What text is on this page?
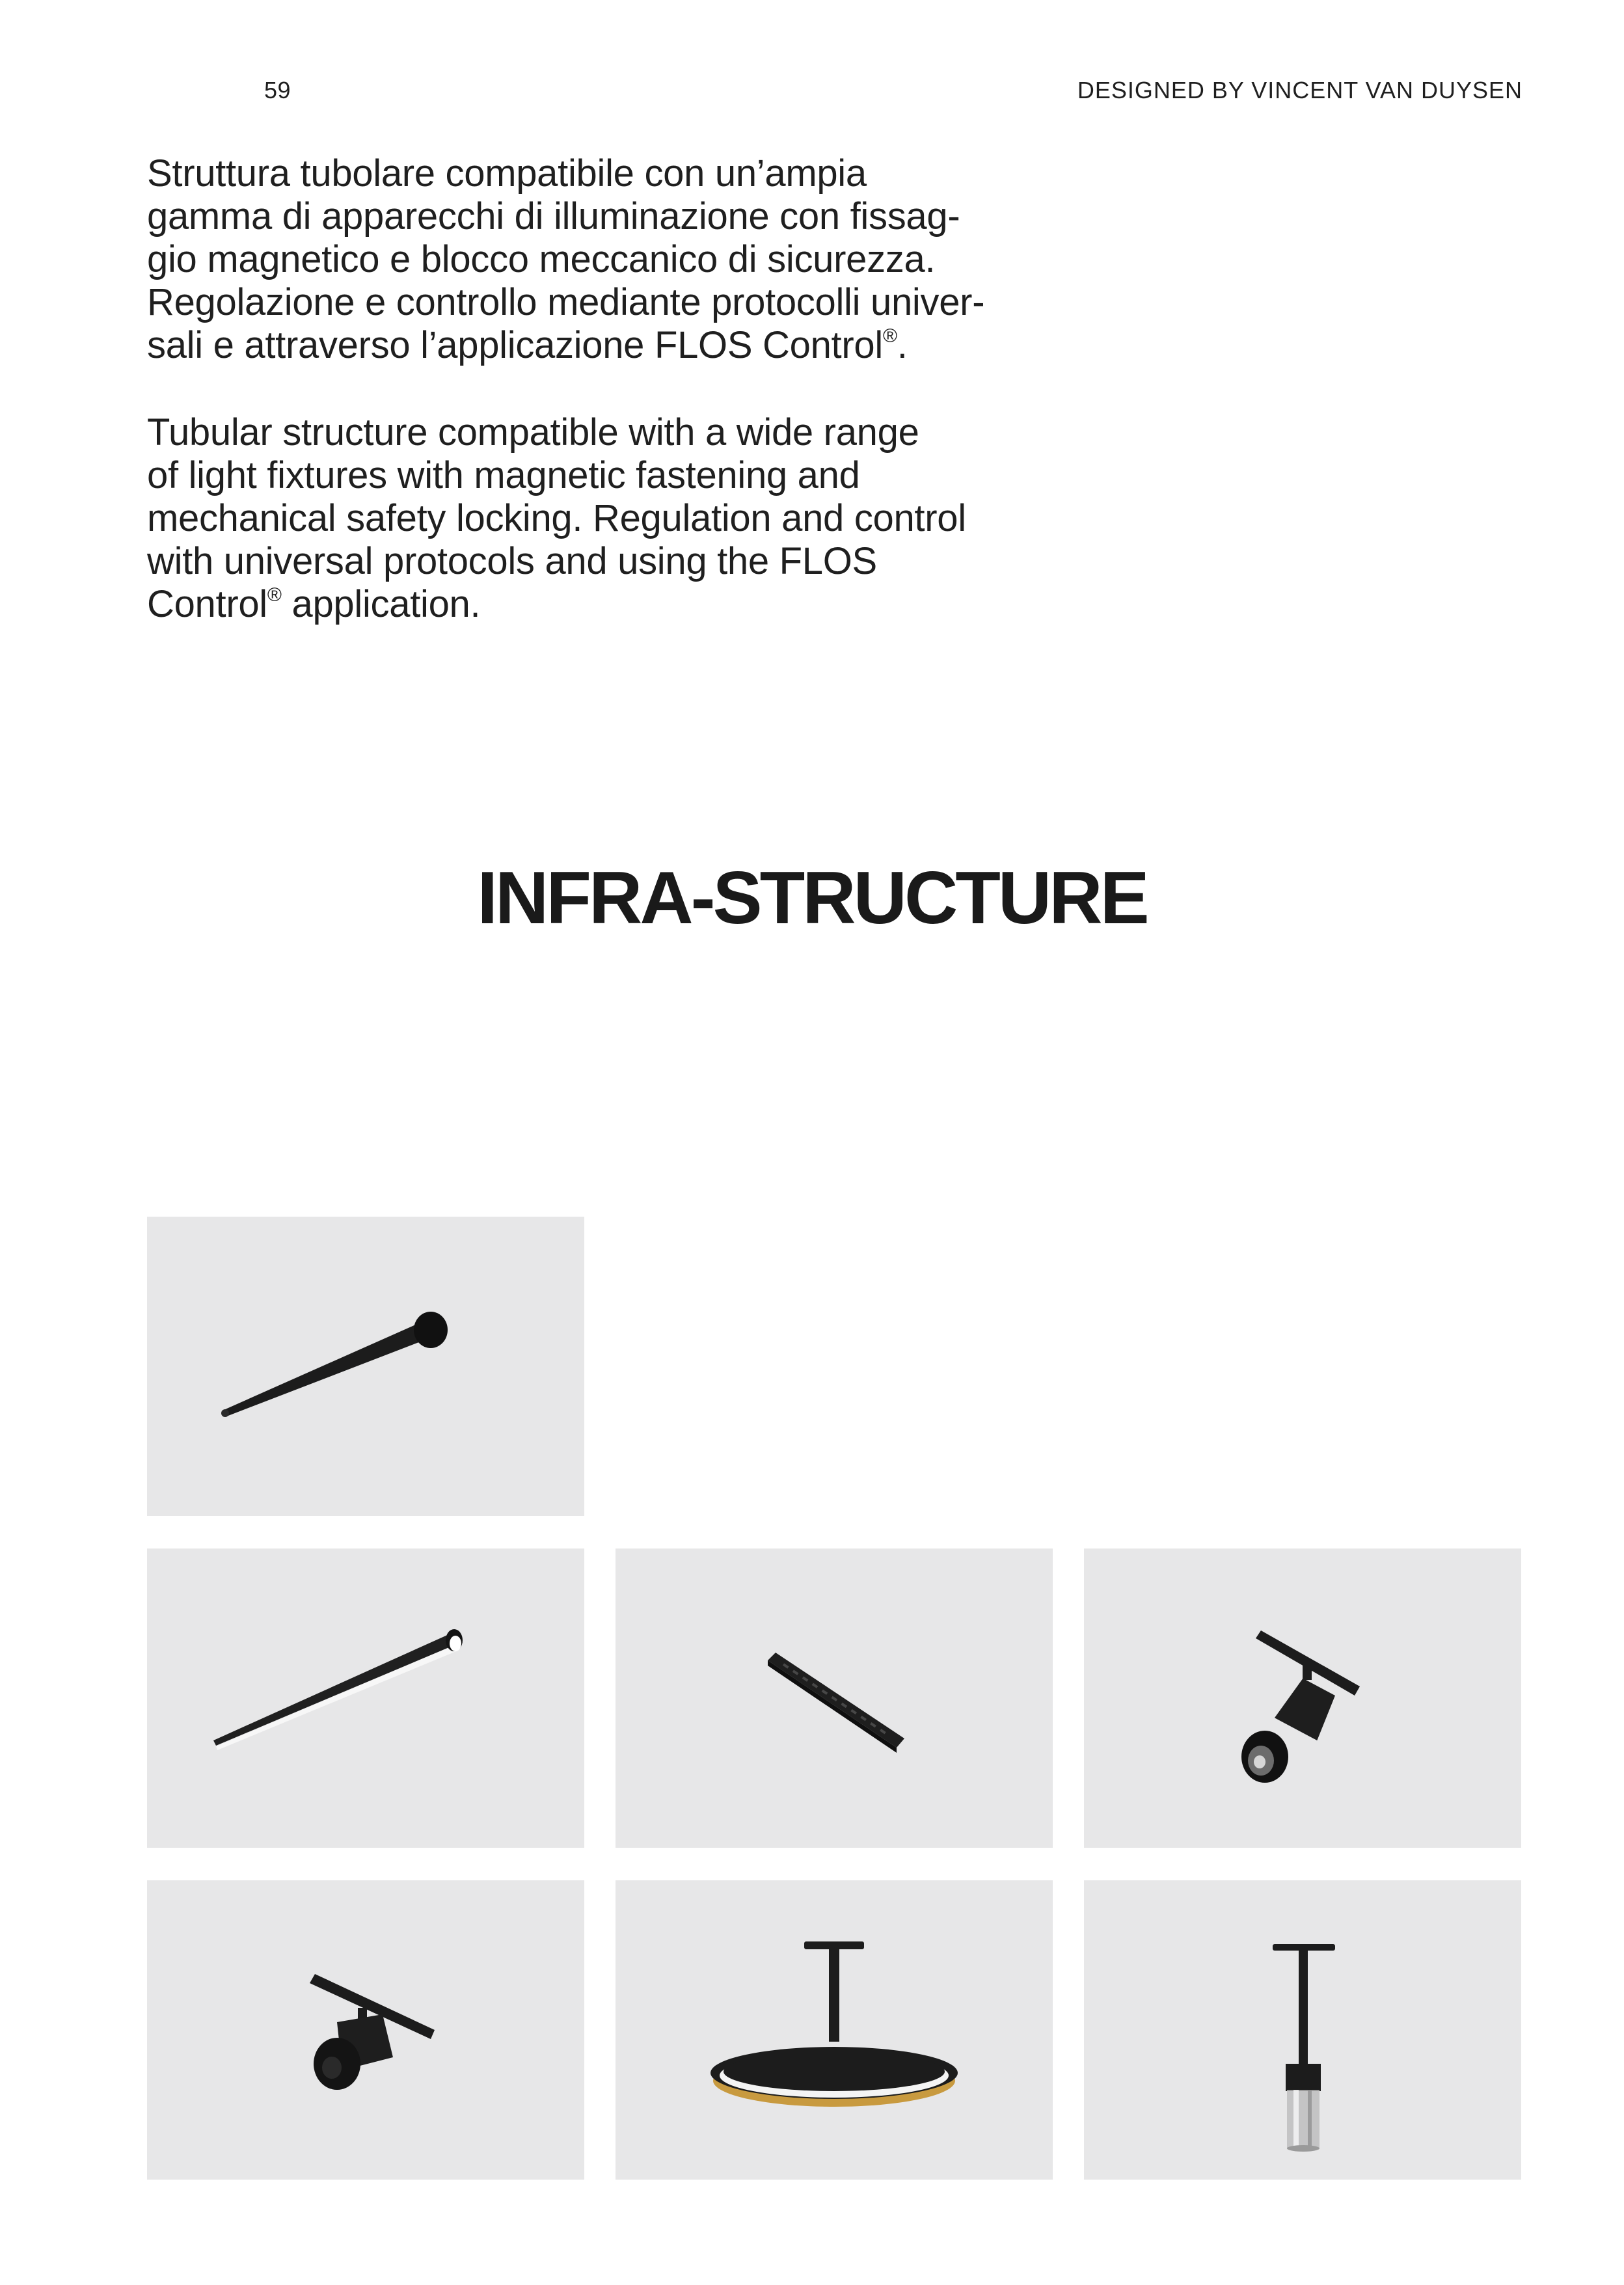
59	DESIGNED BY VINCENT VAN DUYSEN

Struttura tubolare compatibile con un’ampia

gamma di apparecchi di illuminazione con fissag-

gio magnetico e blocco meccanico di sicurezza.

Regolazione e controllo mediante protocolli univer-

sali e attraverso l’applicazione FLOS Control®.

Tubular structure compatible with a wide range

of light fixtures with magnetic fastening and

mechanical safety locking. Regulation and control

with universal protocols and using the FLOS

Control® application.

INFRA-STRUCTURE
